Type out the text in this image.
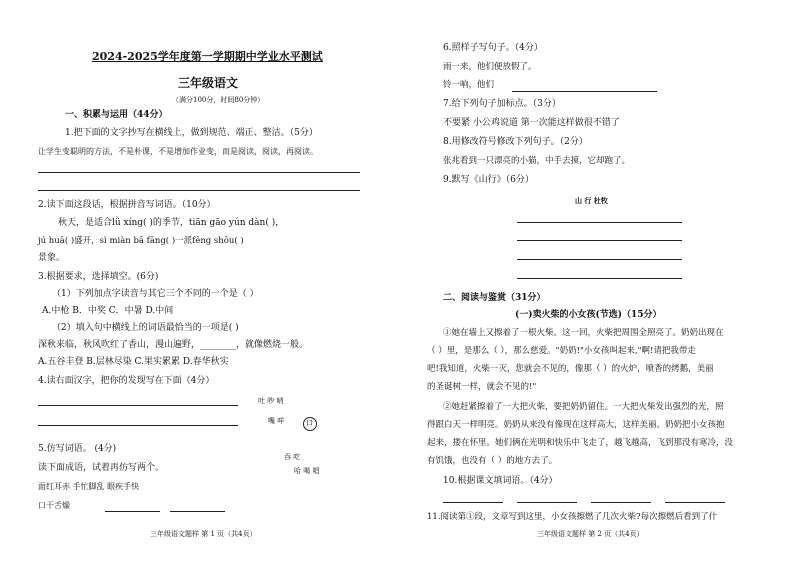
2024-2025学年度第一学期期中学业水平测试
三年级语文
（满分100分，时间80分钟）
一、积累与运用（44分）
1.把下面的文字抄写在横线上，做到规范、端正、整洁。（5分）
让学生变聪明的方法，不是朴课，不是增加作业变，而是阅读，阅读，再阅读。
2.读下面这段话，根据拼音写词语。（10分）
秋天，是适合lǜ xíng( )的季节，tiān gāo yún dàn( )，
jú huā( )盛开，sì miàn bā fāng( )一派fēng shōu( )
景象。
3.根据要求，选择填空。(6分)
（1）下列加点字读音与其它三个不同的一个是（ ）
A.中枪 B．中奖 C．中暑 D.中间
（2）填入句中横线上的词语最恰当的一项是( )
深秋来临，秋风吹红了香山，漫山遍野，________，就像燃烧一般。
A.五谷丰登 B.层林尽染 C.果实累累 D.春华秋实
4.读右面汉字，把你的发现写在下面（4分）
吐 吵 哨
嘴 咩	口
吞 吃
哈 喝 唱
5.仿写词语。 (4分)
读下面成语，试着再仿写两个。
面红耳赤 手忙脚乱 眼疾手快
口干舌燥
三年级语文题样 第 1 页（共4页）
6.照样子写句子。（4分）
雨一来，他们便放假了。
铃一响，他们
7.给下列句子加标点。（3分）
不要紧 小公鸡说道 第一次能这样做很不错了
8.用修改符号修改下列句子。（2分）
张兆看到一只漂亮的小猫，中手去摸，它却跑了。
9.默写《山行》（6分）
山 行 杜牧
二、阅读与鉴赏（31分）
(一)卖火柴的小女孩(节选)（15分）
①她在墙上又擦着了一根火柴。这一回，火柴把周围全照亮了。奶奶出现在
（ ）里，是那么（ ），那么慈爱。"奶奶!"小女孩叫起来,"啊!请把我带走
吧!我知道，火柴一灭，您就会不见的，像那（ ）的火炉，喷香的烤鹅，美丽
的圣诞树一样，就会不见的!"
②她赶紧擦着了一大把火柴，要把奶奶留住。一大把火柴发出强烈的光，照
得跟白天一样明亮。奶奶从来没有像现在这样高大，这样美丽。奶奶把小女孩抱
起来，搂在怀里。她们俩在光明和快乐中飞走了，越飞越高，飞到那没有寒冷，没
有饥饿，也没有（ ）的地方去了。
10.根据课文填词语。（4分）
11.阅读第①段，文章写到这里，小女孩擦燃了几次火柴?每次擦燃后看到了什
三年级语文题样 第 2 页（共4页）
